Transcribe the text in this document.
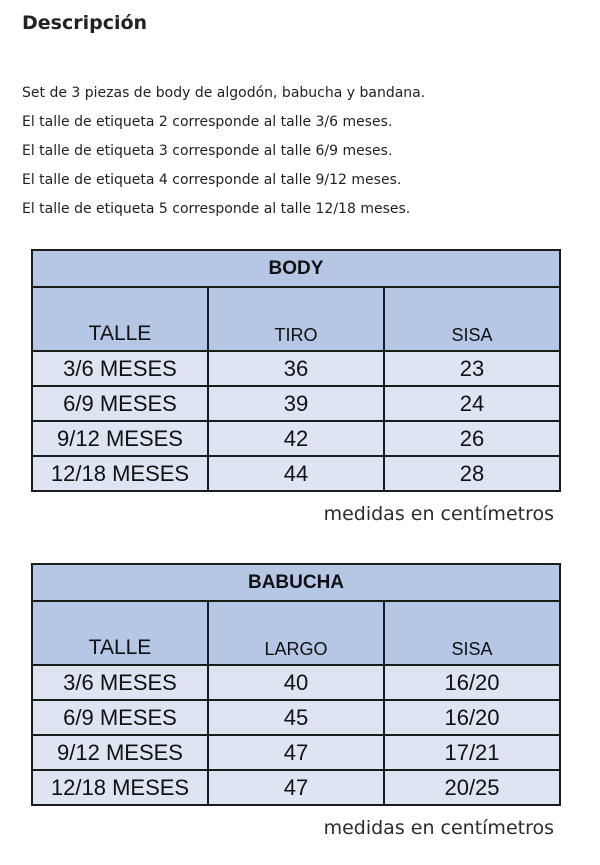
Descripción
Set de 3 piezas de body de algodón, babucha y bandana.
El talle de etiqueta 2 corresponde al talle 3/6 meses.
El talle de etiqueta 3 corresponde al talle 6/9 meses.
El talle de etiqueta 4 corresponde al talle 9/12 meses.
El talle de etiqueta 5 corresponde al talle 12/18 meses.
BODY		
TALLE	TIRO	SISA
3/6 MESES	36	23
6/9 MESES	39	24
9/12 MESES	42	26
12/18 MESES	44	28
medidas en centímetros
BABUCHA		
TALLE	LARGO	SISA
3/6 MESES	40	16/20
6/9 MESES	45	16/20
9/12 MESES	47	17/21
12/18 MESES	47	20/25
medidas en centímetros
